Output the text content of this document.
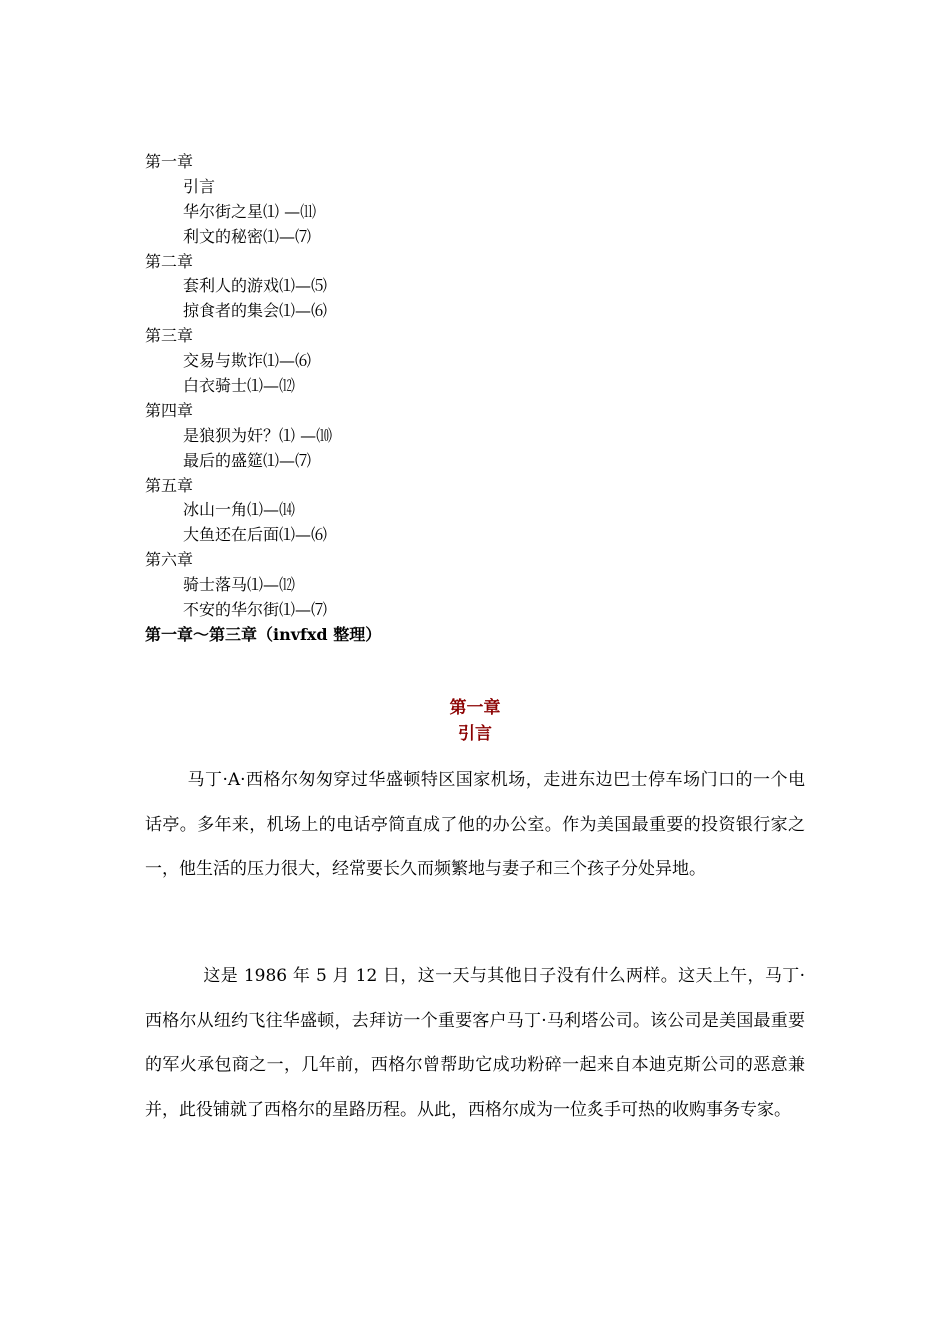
第一章
引言
华尔街之星⑴ —⑾
利文的秘密⑴—⑺
第二章
套利人的游戏⑴—⑸
掠食者的集会⑴—⑹
第三章
交易与欺诈⑴—⑹
白衣骑士⑴—⑿
第四章
是狼狈为奸？⑴ —⑽
最后的盛筵⑴—⑺
第五章
冰山一角⑴—⒁
大鱼还在后面⑴—⑹
第六章
骑士落马⑴—⑿
不安的华尔街⑴—⑺
第一章～第三章（invfxd 整理）
第一章
引言
马丁·A·西格尔匆匆穿过华盛顿特区国家机场，走进东边巴士停车场门口的一个电话亭。多年来，机场上的电话亭简直成了他的办公室。作为美国最重要的投资银行家之一，他生活的压力很大，经常要长久而频繁地与妻子和三个孩子分处异地。
这是 1986 年 5 月 12 日，这一天与其他日子没有什么两样。这天上午，马丁·西格尔从纽约飞往华盛顿，去拜访一个重要客户马丁·马利塔公司。该公司是美国最重要的军火承包商之一，几年前，西格尔曾帮助它成功粉碎一起来自本迪克斯公司的恶意兼并，此役铺就了西格尔的星路历程。从此，西格尔成为一位炙手可热的收购事务专家。
